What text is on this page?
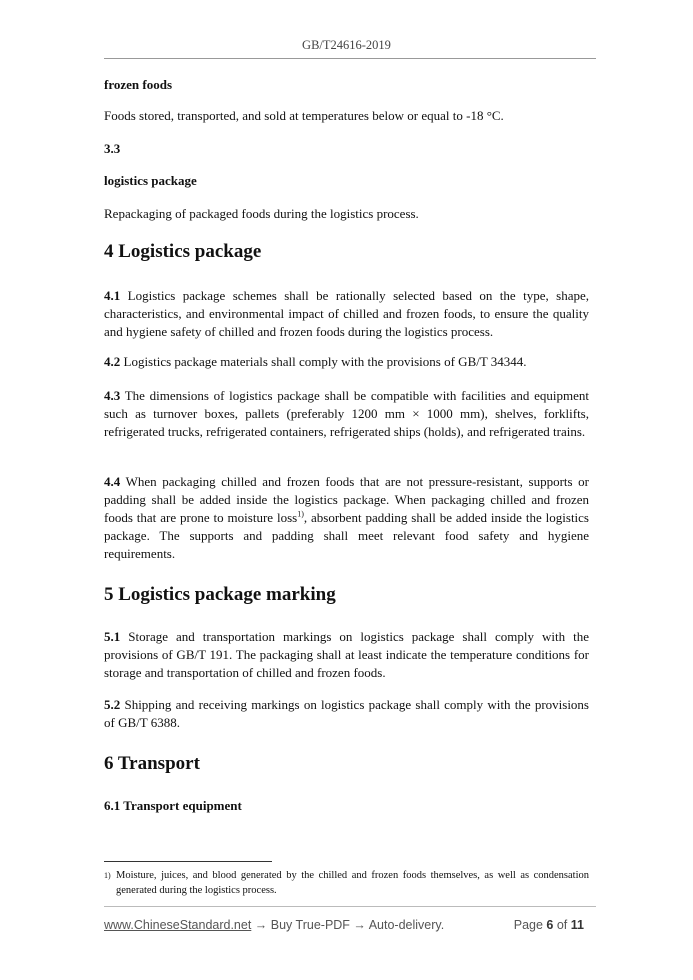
GB/T24616-2019
frozen foods

Foods stored, transported, and sold at temperatures below or equal to -18 °C.

3.3
logistics package

Repackaging of packaged foods during the logistics process.

4 Logistics package

4.1 Logistics package schemes shall be rationally selected based on the type, shape, characteristics, and environmental impact of chilled and frozen foods, to ensure the quality and hygiene safety of chilled and frozen foods during the logistics process.

4.2 Logistics package materials shall comply with the provisions of GB/T 34344.

4.3 The dimensions of logistics package shall be compatible with facilities and equipment such as turnover boxes, pallets (preferably 1200 mm × 1000 mm), shelves, forklifts, refrigerated trucks, refrigerated containers, refrigerated ships (holds), and refrigerated trains.

4.4 When packaging chilled and frozen foods that are not pressure-resistant, supports or padding shall be added inside the logistics package. When packaging chilled and frozen foods that are prone to moisture loss$^{1)}$, absorbent padding shall be added inside the logistics package. The supports and padding shall meet relevant food safety and hygiene requirements.

5 Logistics package marking

5.1 Storage and transportation markings on logistics package shall comply with the provisions of GB/T 191. The packaging shall at least indicate the temperature conditions for storage and transportation of chilled and frozen foods.

5.2 Shipping and receiving markings on logistics package shall comply with the provisions of GB/T 6388.

6 Transport
6.1 Transport equipment
1) Moisture, juices, and blood generated by the chilled and frozen foods themselves, as well as condensation generated during the logistics process.
www.ChineseStandard.net → Buy True-PDF → Auto-delivery.	Page 6 of 11
